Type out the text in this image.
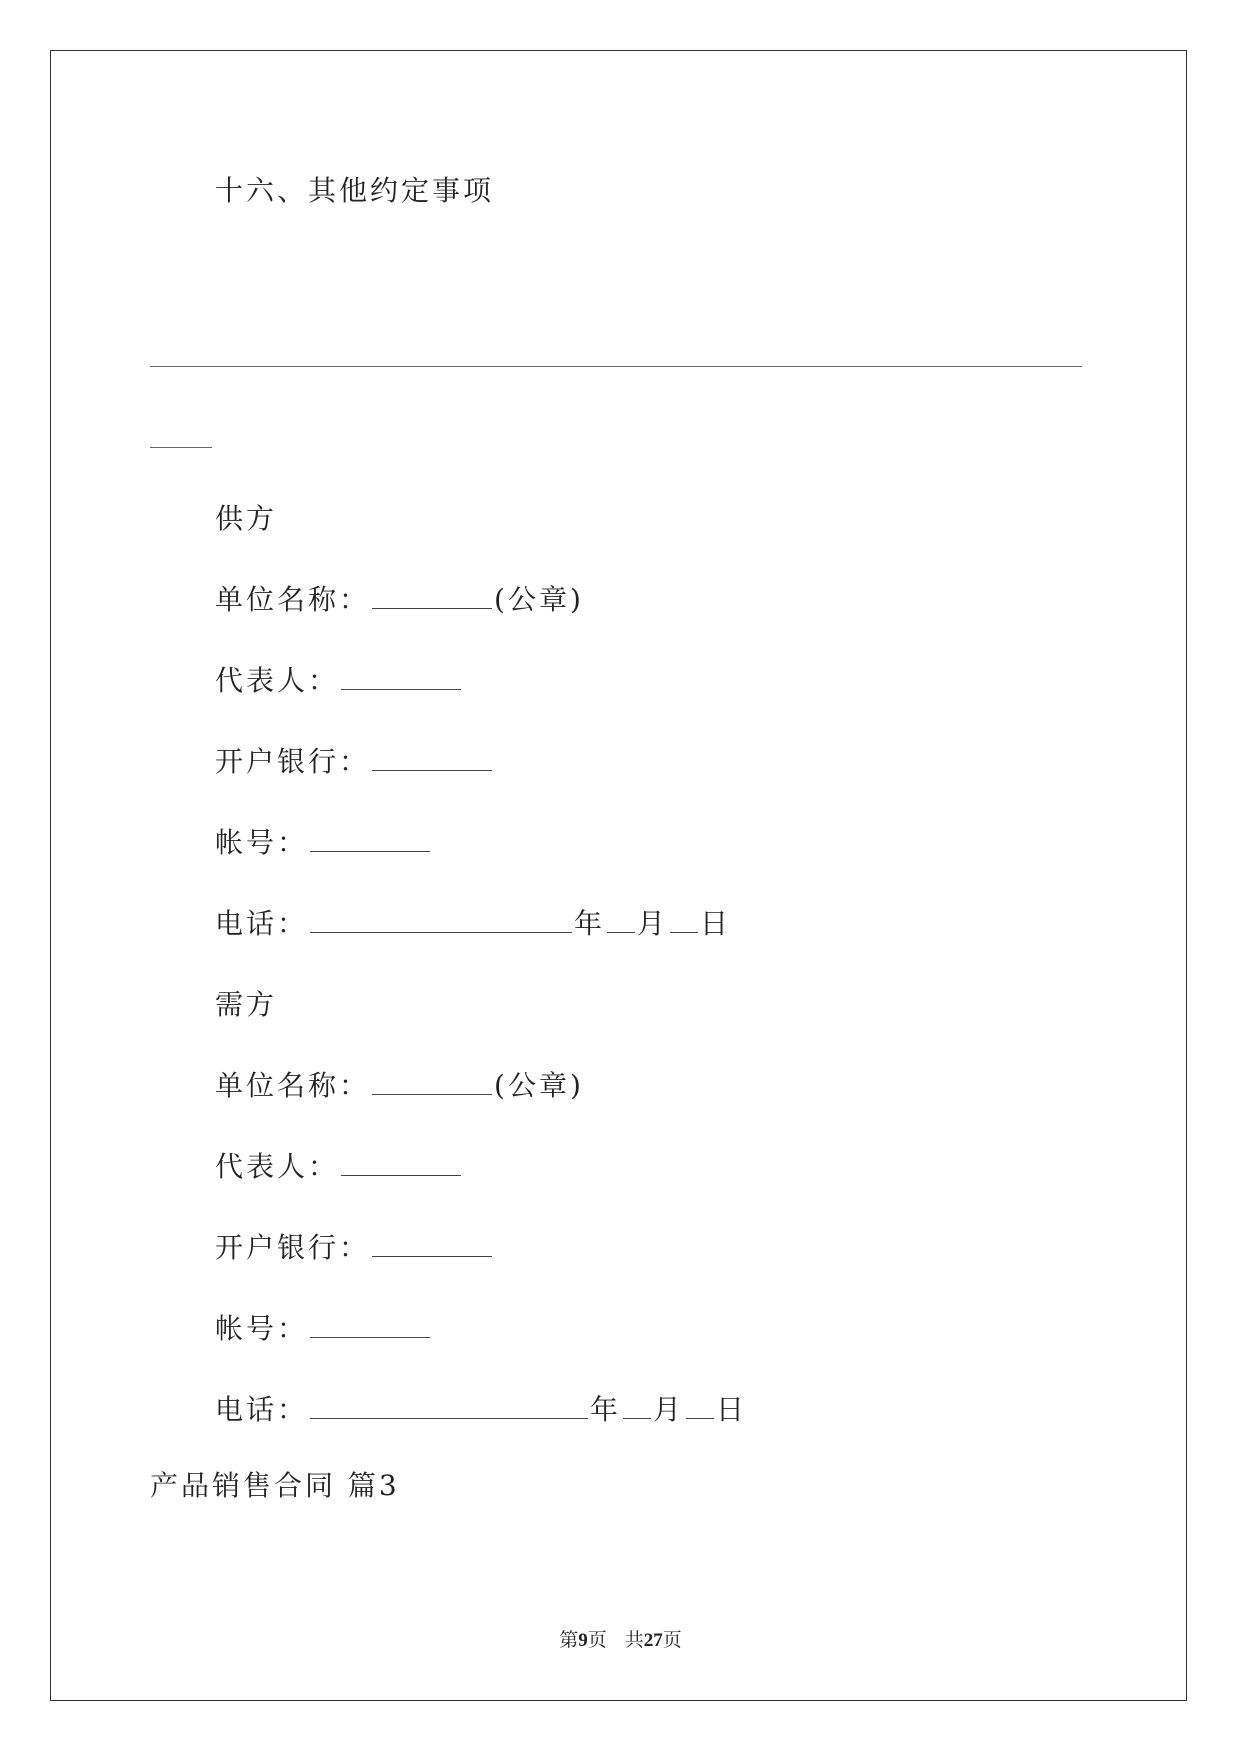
十六、其他约定事项
供方
单位名称：	(公章)
代表人：
开户银行：
帐号：
电话：	年 月 日
需方
单位名称：	(公章)
代表人：
开户银行：
帐号：
电话：	年 月 日
产品销售合同 篇3
第9页 共27页
